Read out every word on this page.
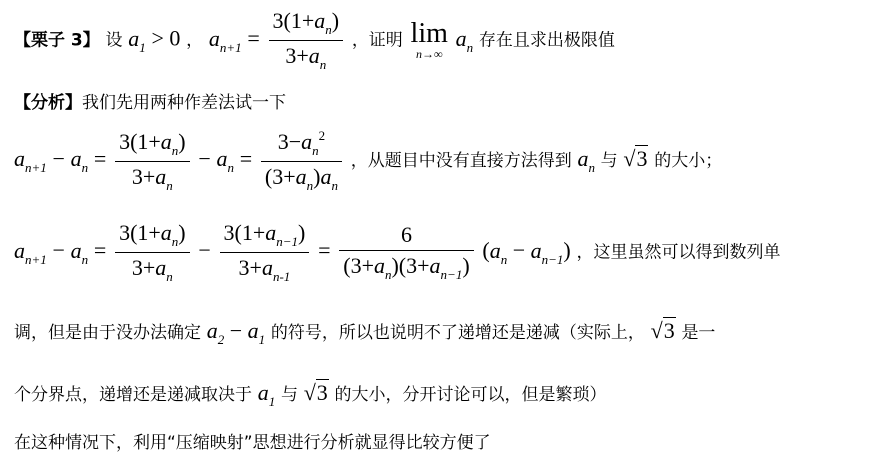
【栗子 3】 设 $a_1 > 0$ ， $a_{n+1} = \frac{3(1+a_n)}{3+a_n}$ ，证明 lim
n→∞
$a_n$ 存在且求出极限值
【分析】我们先用两种作差法试一下
$a_{n+1} - a_n = \frac{3(1+a_n)}{3+a_n} - a_n = \frac{3-a_n^2}{(3+a_n)a_n}$ ，从题目中没有直接方法得到 $a_n$ 与 √3 的大小；
$a_{n+1} - a_n = \frac{3(1+a_n)}{3+a_n} - \frac{3(1+a_{n-1})}{3+a_{n-1}} = \frac{6}{(3+a_n)(3+a_{n-1})} (a_n - a_{n-1})$ ，这里虽然可以得到数列单
调，但是由于没办法确定 $a_2 - a_1$ 的符号，所以也说明不了递增还是递减（实际上， √3 是一
个分界点，递增还是递减取决于 $a_1$ 与 √3 的大小，分开讨论可以，但是繁琐）
在这种情况下，利用“压缩映射”思想进行分析就显得比较方便了
